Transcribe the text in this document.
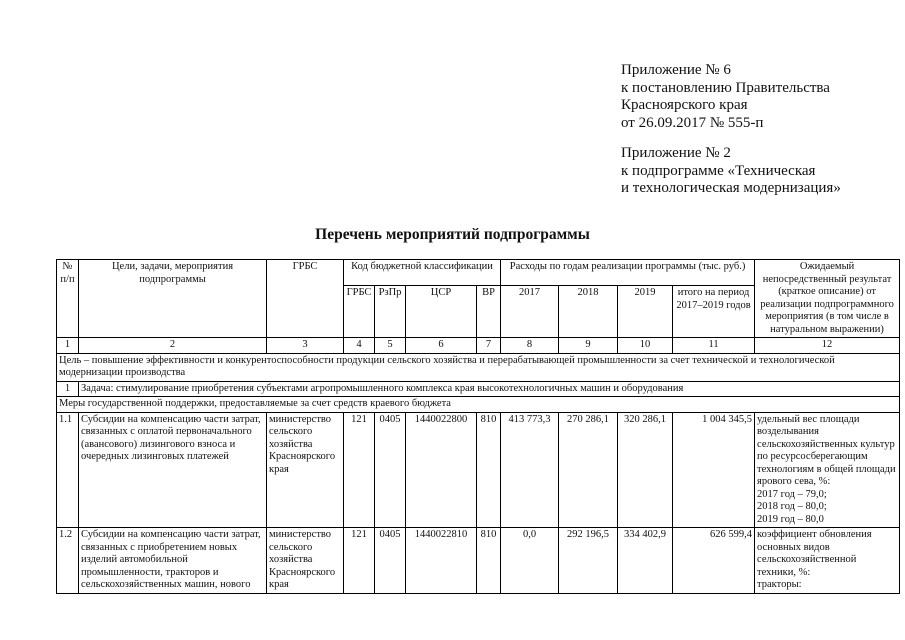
Приложение № 6
к постановлению Правительства
Красноярского края
от 26.09.2017 № 555-п
Приложение № 2
к подпрограмме «Техническая
и технологическая модернизация»
Перечень мероприятий подпрограммы
№ п/п	Цели, задачи, мероприятия подпрограммы	ГРБС	Код бюджетной классификации				Расходы по годам реализации программы (тыс. руб.)				Ожидаемый непосредственный результат (краткое описание) от реализации подпрограммного мероприятия (в том числе в натуральном выражении)
			ГРБС	РзПр	ЦСР	ВР	2017	2018	2019	итого на период 2017–2019 годов	
1	2	3	4	5	6	7	8	9	10	11	12
Цель – повышение эффективности и конкурентоспособности продукции сельского хозяйства и перерабатывающей промышленности за счет технической и технологической модернизации производства											
1	Задача: стимулирование приобретения субъектами агропромышленного комплекса края высокотехнологичных машин и оборудования										
Меры государственной поддержки, предоставляемые за счет средств краевого бюджета											
1.1	Субсидии на компенсацию части затрат, связанных с оплатой первоначального (авансового) лизингового взноса и очередных лизинговых платежей	министерство сельского хозяйства Красноярского края	121	0405	1440022800	810	413 773,3	270 286,1	320 286,1	1 004 345,5	удельный вес площади возделывания сельскохозяйственных культур по ресурсосберегающим технологиям в общей площади ярового сева, %:
2017 год – 79,0;
2018 год – 80,0;
2019 год – 80,0
1.2	Субсидии на компенсацию части затрат, связанных с приобретением новых изделий автомобильной промышленности, тракторов и сельскохозяйственных машин, нового	министерство сельского хозяйства Красноярского края	121	0405	1440022810	810	0,0	292 196,5	334 402,9	626 599,4	коэффициент обновления основных видов сельскохозяйственной техники, %:
тракторы:
